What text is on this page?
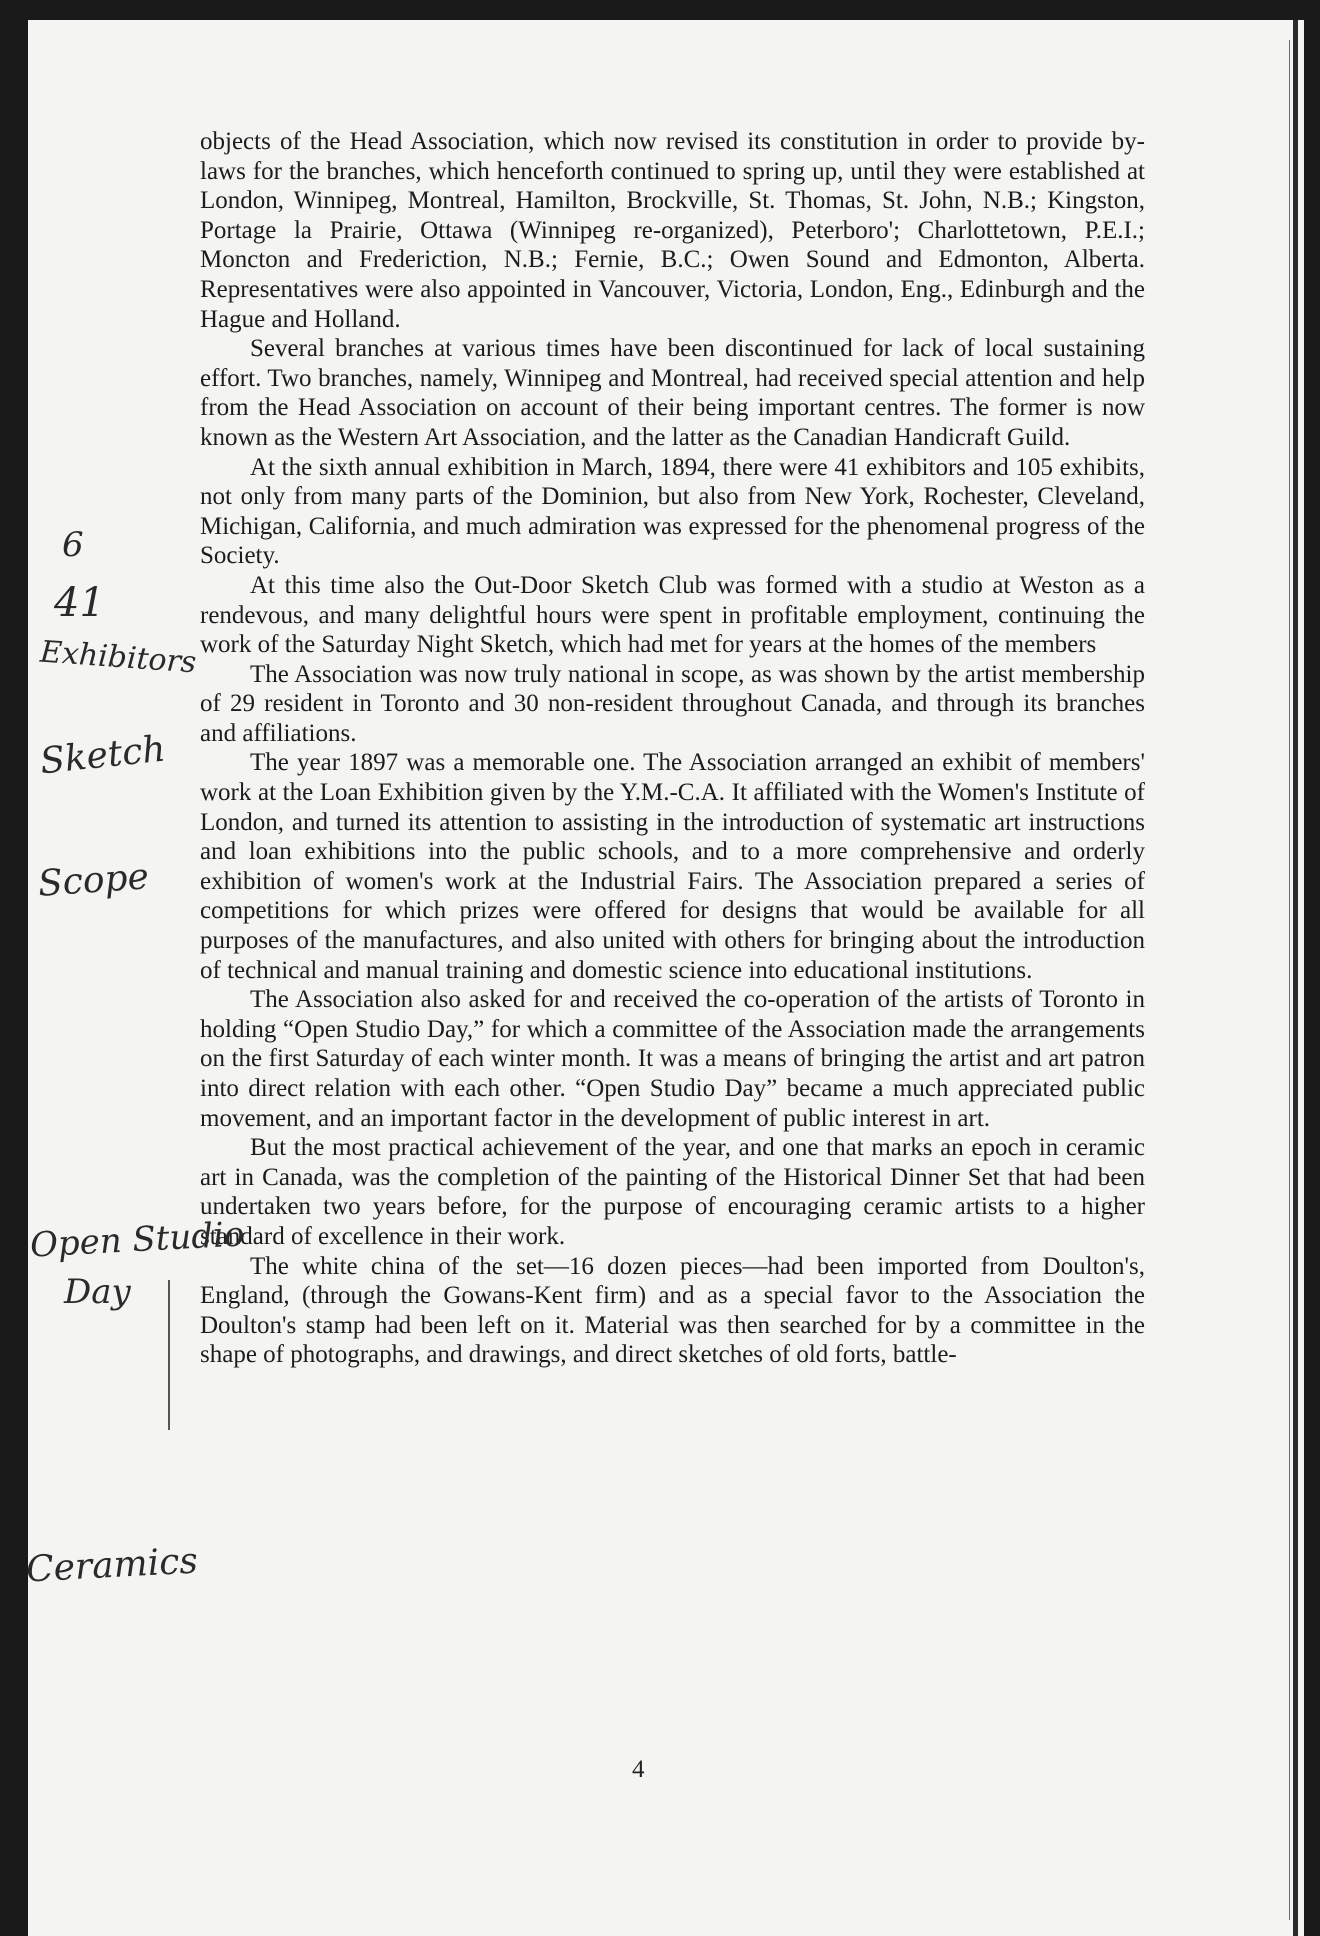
objects of the Head Association, which now revised its constitution in order to provide by-laws for the branches, which henceforth continued to spring up, until they were established at London, Winnipeg, Montreal, Hamilton, Brockville, St. Thomas, St. John, N.B.; Kingston, Portage la Prairie, Ottawa (Winnipeg re-organized), Peterboro'; Charlottetown, P.E.I.; Moncton and Frederiction, N.B.; Fernie, B.C.; Owen Sound and Edmonton, Alberta. Representatives were also appointed in Vancouver, Victoria, London, Eng., Edinburgh and the Hague and Holland.

Several branches at various times have been discontinued for lack of local sustaining effort. Two branches, namely, Winnipeg and Montreal, had received special attention and help from the Head Association on account of their being important centres. The former is now known as the Western Art Association, and the latter as the Canadian Handicraft Guild.

At the sixth annual exhibition in March, 1894, there were 41 exhibitors and 105 exhibits, not only from many parts of the Dominion, but also from New York, Rochester, Cleveland, Michigan, California, and much admiration was expressed for the phenomenal progress of the Society.

At this time also the Out-Door Sketch Club was formed with a studio at Weston as a rendevous, and many delightful hours were spent in profitable employment, continuing the work of the Saturday Night Sketch, which had met for years at the homes of the members

The Association was now truly national in scope, as was shown by the artist membership of 29 resident in Toronto and 30 non-resident throughout Canada, and through its branches and affiliations.

The year 1897 was a memorable one. The Association arranged an exhibit of members' work at the Loan Exhibition given by the Y.M.-C.A. It affiliated with the Women's Institute of London, and turned its attention to assisting in the introduction of systematic art instructions and loan exhibitions into the public schools, and to a more comprehensive and orderly exhibition of women's work at the Industrial Fairs. The Association prepared a series of competitions for which prizes were offered for designs that would be available for all purposes of the manufactures, and also united with others for bringing about the introduction of technical and manual training and domestic science into educational institutions.

The Association also asked for and received the co-operation of the artists of Toronto in holding “Open Studio Day,” for which a committee of the Association made the arrangements on the first Saturday of each winter month. It was a means of bringing the artist and art patron into direct relation with each other. “Open Studio Day” became a much appreciated public movement, and an important factor in the development of public interest in art.

But the most practical achievement of the year, and one that marks an epoch in ceramic art in Canada, was the completion of the painting of the Historical Dinner Set that had been undertaken two years before, for the purpose of encouraging ceramic artists to a higher standard of excellence in their work.

The white china of the set—16 dozen pieces—had been imported from Doulton's, England, (through the Gowans-Kent firm) and as a special favor to the Association the Doulton's stamp had been left on it. Material was then searched for by a committee in the shape of photographs, and drawings, and direct sketches of old forts, battle-

6
41
Exhibitors
Sketch
Scope
Open Studio
Day
Ceramics
4
